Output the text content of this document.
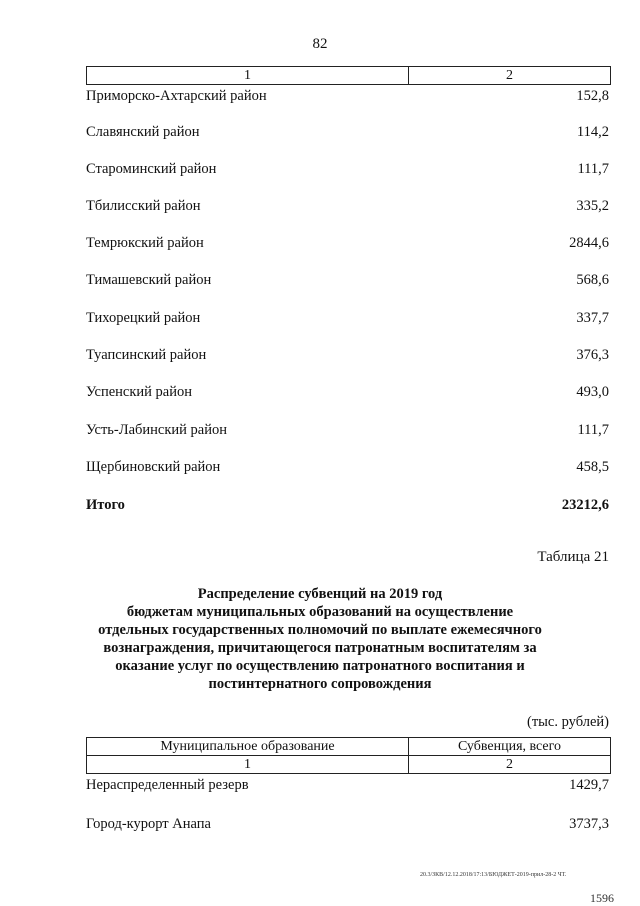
82
1	2
Приморско-Ахтарский район	152,8
Славянский район	114,2
Староминский район	111,7
Тбилисский район	335,2
Темрюкский район	2844,6
Тимашевский район	568,6
Тихорецкий район	337,7
Туапсинский район	376,3
Успенский район	493,0
Усть-Лабинский район	111,7
Щербиновский район	458,5
Итого	23212,6
Таблица 21
Распределение субвенций на 2019 год
бюджетам муниципальных образований на осуществление
отдельных государственных полномочий по выплате ежемесячного
вознаграждения, причитающегося патронатным воспитателям за
оказание услуг по осуществлению патронатного воспитания и
постинтернатного сопровождения
(тыс. рублей)
Муниципальное образование	Субвенция, всего
1	2
Нераспределенный резерв	1429,7
Город-курорт Анапа	3737,3
20.3/ЗКВ/12.12.2018/17:13/БЮДЖЕТ-2019-прил-28-2 ЧТ.
1596
